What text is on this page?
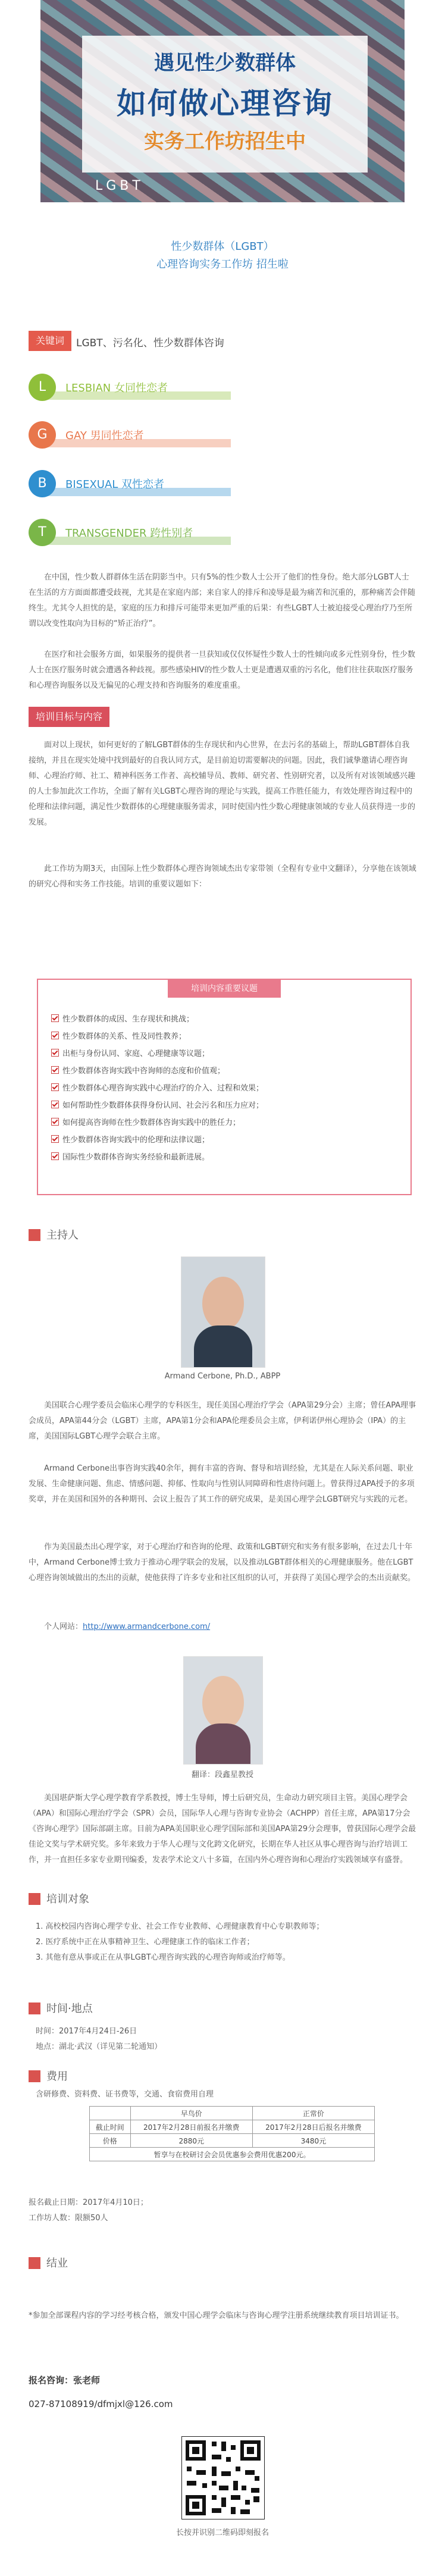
遇见性少数群体
如何做心理咨询
实务工作坊招生中
LGBT
性少数群体（LGBT）
心理咨询实务工作坊 招生啦
关键词	LGBT、污名化、性少数群体咨询
L	LESBIAN 女同性恋者
G	GAY 男同性恋者
B	BISEXUAL 双性恋者
T	TRANSGENDER 跨性别者
在中国，性少数人群群体生活在阴影当中。只有5%的性少数人士公开了他们的性身份。绝大部分LGBT人士在生活的方方面面都遭受歧视，尤其是在家庭内部；来自家人的排斥和凌辱是最为痛苦和沉重的，那种痛苦会伴随终生。尤其令人担忧的是，家庭的压力和排斥可能带来更加严重的后果：有些LGBT人士被迫接受心理治疗乃至所谓以改变性取向为目标的“矫正治疗”。
在医疗和社会服务方面，如果服务的提供者一旦获知或仅仅怀疑性少数人士的性倾向或多元性别身份，性少数人士在医疗服务时就会遭遇各种歧视。那些感染HIV的性少数人士更是遭遇双重的污名化，他们往往获取医疗服务和心理咨询服务以及无偏见的心理支持和咨询服务的难度重重。
培训目标与内容
面对以上现状，如何更好的了解LGBT群体的生存现状和内心世界，在去污名的基础上，帮助LGBT群体自我接纳，并且在现实处境中找到最好的自我认同方式，是目前迫切需要解决的问题。因此，我们诚挚邀请心理咨询师、心理治疗师、社工、精神科医务工作者、高校辅导员、教师、研究者、性别研究者，以及所有对该领域感兴趣的人士参加此次工作坊，全面了解有关LGBT心理咨询的理论与实践，提高工作胜任能力，有效处理咨询过程中的伦理和法律问题，满足性少数群体的心理健康服务需求，同时使国内性少数心理健康领域的专业人员获得进一步的发展。
此工作坊为期3天，由国际上性少数群体心理咨询领域杰出专家带领（全程有专业中文翻译），分享他在该领域的研究心得和实务工作技能。培训的重要议题如下：
培训内容重要议题
性少数群体的成因、生存现状和挑战；
性少数群体的关系、性及同性教养；
出柜与身份认同、家庭、心理健康等议题；
性少数群体咨询实践中咨询师的态度和价值观；
性少数群体心理咨询实践中心理治疗的介入、过程和效果；
如何帮助性少数群体获得身份认同、社会污名和压力应对；
如何提高咨询师在性少数群体咨询实践中的胜任力；
性少数群体咨询实践中的伦理和法律议题；
国际性少数群体咨询实务经验和最新进展。
主持人
Armand Cerbone, Ph.D., ABPP
美国联合心理学委员会临床心理学的专科医生，现任美国心理治疗学会（APA第29分会）主席；曾任APA理事会成员，APA第44分会（LGBT）主席，APA第1分会和APA伦理委员会主席，伊利诺伊州心理协会（IPA）的主席，美国国际LGBT心理学会联合主席。
Armand Cerbone出事咨询实践40余年，拥有丰富的咨询、督导和培训经验，尤其是在人际关系问题、职业发展、生命健康问题、焦虑、情感问题、抑郁、性取向与性别认同障碍和性虐待问题上。曾获得过APA授予的多项奖章，并在美国和国外的各种期刊、会议上报告了其工作的研究成果，是美国心理学会LGBT研究与实践的元老。
作为美国最杰出心理学家，对于心理治疗和咨询的伦理、政策和LGBT研究和实务有很多影响，在过去几十年中，Armand Cerbone博士致力于推动心理学联会的发展，以及推动LGBT群体相关的心理健康服务。他在LGBT心理咨询领域做出的杰出的贡献，使他获得了许多专业和社区组织的认可，并获得了美国心理学会的杰出贡献奖。
个人网站：http://www.armandcerbone.com/
翻译：段鑫星教授
美国堪萨斯大学心理学教育学系教授，博士生导师，博士后研究员，生命动力研究项目主管。美国心理学会（APA）和国际心理治疗学会（SPR）会员，国际华人心理与咨询专业协会（ACHPP）首任主席，APA第17分会《咨询心理学》国际部副主席。目前为APA美国职业心理学国际部和美国APA第29分会理事，曾获国际心理学会最佳论文奖与学术研究奖。多年来致力于华人心理与文化跨文化研究，长期在华人社区从事心理咨询与治疗培训工作，并一直担任多家专业期刊编委，发表学术论文八十多篇，在国内外心理咨询和心理治疗实践领域享有盛誉。
培训对象
1. 高校校园内咨询心理学专业、社会工作专业教师、心理健康教育中心专职教师等；
2. 医疗系统中正在从事精神卫生、心理健康工作的临床工作者；
3. 其他有意从事或正在从事LGBT心理咨询实践的心理咨询师或治疗师等。
时间·地点
时间：2017年4月24日-26日
地点：湖北·武汉（详见第二轮通知）
费用
含研修费、资料费、证书费等，交通、食宿费用自理
	早鸟价	正常价
截止时间	2017年2月28日前报名并缴费	2017年2月28日后报名并缴费
价格	2880元	3480元
暂享与在校研讨会会员优惠参会费用优惠200元。		
报名截止日期：2017年4月10日；
工作坊人数：限额50人
结业
*参加全部课程内容的学习经考核合格，颁发中国心理学会临床与咨询心理学注册系统继续教育项目培训证书。
报名咨询：张老师
027-87108919/dfmjxl@126.com
长按并识别二维码即刻报名
